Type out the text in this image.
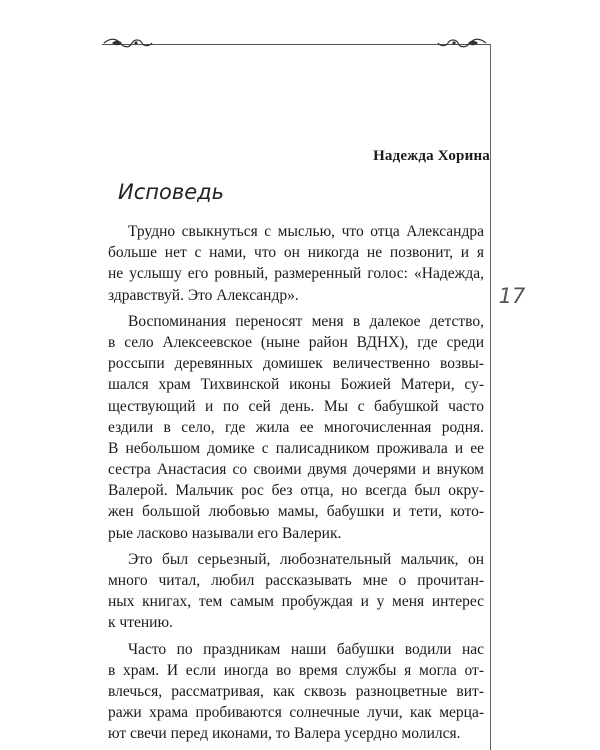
17
Надежда Хорина
Исповедь
Трудно свыкнуться с мыслью, что отца Александра
больше нет с нами, что он никогда не позвонит, и я
не услышу его ровный, размеренный голос: «Надежда,
здравствуй. Это Александр».
Воспоминания переносят меня в далекое детство,
в село Алексеевское (ныне район ВДНХ), где среди
россыпи деревянных домишек величественно возвы-
шался храм Тихвинской иконы Божией Матери, су-
ществующий и по сей день. Мы с бабушкой часто
ездили в село, где жила ее многочисленная родня.
В небольшом домике с палисадником проживала и ее
сестра Анастасия со своими двумя дочерями и внуком
Валерой. Мальчик рос без отца, но всегда был окру-
жен большой любовью мамы, бабушки и тети, кото-
рые ласково называли его Валерик.
Это был серьезный, любознательный мальчик, он
много читал, любил рассказывать мне о прочитан-
ных книгах, тем самым пробуждая и у меня интерес
к чтению.
Часто по праздникам наши бабушки водили нас
в храм. И если иногда во время службы я могла от-
влечься, рассматривая, как сквозь разноцветные вит-
ражи храма пробиваются солнечные лучи, как мерца-
ют свечи перед иконами, то Валера усердно молился.
